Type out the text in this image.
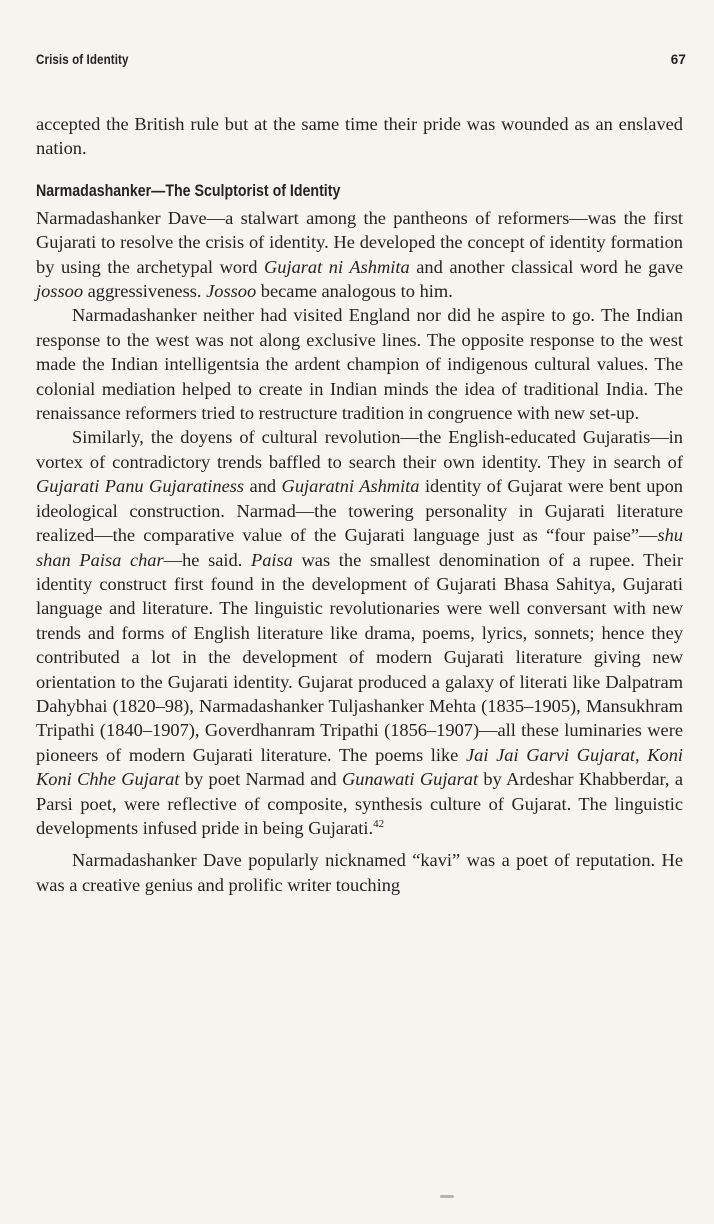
Crisis of Identity	67

accepted the British rule but at the same time their pride was wounded as an enslaved nation.

Narmadashanker—The Sculptorist of Identity

Narmadashanker Dave—a stalwart among the pantheons of reformers—was the first Gujarati to resolve the crisis of identity. He developed the concept of identity formation by using the archetypal word Gujarat ni Ashmita and another classical word he gave jossoo aggressiveness. Jossoo became analogous to him.

Narmadashanker neither had visited England nor did he aspire to go. The Indian response to the west was not along exclusive lines. The opposite response to the west made the Indian intelligentsia the ardent champion of indigenous cultural values. The colonial mediation helped to create in Indian minds the idea of traditional India. The renaissance reformers tried to restructure tradition in congruence with new set-up.

Similarly, the doyens of cultural revolution—the English-educated Gujaratis—in vortex of contradictory trends baffled to search their own identity. They in search of Gujarati Panu Gujaratiness and Gujaratni Ashmita identity of Gujarat were bent upon ideological construction. Narmad—the towering personality in Gujarati literature realized—the comparative value of the Gujarati language just as “four paise”—shu shan Paisa char—he said. Paisa was the smallest denomination of a rupee. Their identity construct first found in the development of Gujarati Bhasa Sahitya, Gujarati language and literature. The linguistic revolutionaries were well conversant with new trends and forms of English literature like drama, poems, lyrics, sonnets; hence they contributed a lot in the development of modern Gujarati literature giving new orientation to the Gujarati identity. Gujarat produced a galaxy of literati like Dalpatram Dahybhai (1820–98), Narmadashanker Tuljashanker Mehta (1835–1905), Mansukhram Tripathi (1840–1907), Goverdhanram Tripathi (1856–1907)—all these luminaries were pioneers of modern Gujarati literature. The poems like Jai Jai Garvi Gujarat, Koni Koni Chhe Gujarat by poet Narmad and Gunawati Gujarat by Ardeshar Khabberdar, a Parsi poet, were reflective of composite, synthesis culture of Gujarat. The linguistic developments infused pride in being Gujarati.$^{42}$

Narmadashanker Dave popularly nicknamed “kavi” was a poet of reputation. He was a creative genius and prolific writer touching
